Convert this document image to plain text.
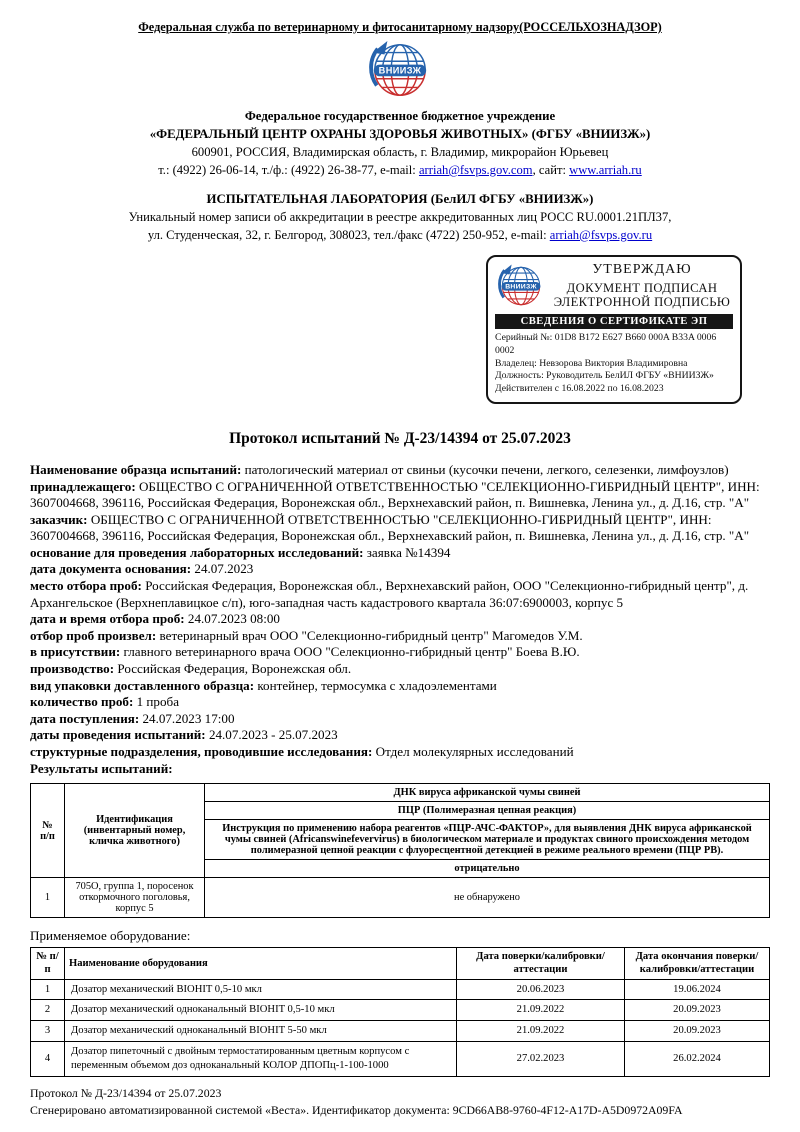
Федеральная служба по ветеринарному и фитосанитарному надзору(РОССЕЛЬХОЗНАДЗОР)
Федеральное государственное бюджетное учреждение
«ФЕДЕРАЛЬНЫЙ ЦЕНТР ОХРАНЫ ЗДОРОВЬЯ ЖИВОТНЫХ» (ФГБУ «ВНИИЗЖ»)
600901, РОССИЯ, Владимирская область, г. Владимир, микрорайон Юрьевец
т.: (4922) 26-06-14, т./ф.: (4922) 26-38-77, e-mail: arriah@fsvps.gov.com, сайт: www.arriah.ru
ИСПЫТАТЕЛЬНАЯ ЛАБОРАТОРИЯ (БелИЛ ФГБУ «ВНИИЗЖ»)
Уникальный номер записи об аккредитации в реестре аккредитованных лиц РОСС RU.0001.21ПЛ37,
ул. Студенческая, 32, г. Белгород, 308023, тел./факс (4722) 250-952, e-mail: arriah@fsvps.gov.ru
УТВЕРЖДАЮ
ДОКУМЕНТ ПОДПИСАН
ЭЛЕКТРОННОЙ ПОДПИСЬЮ
СВЕДЕНИЯ О СЕРТИФИКАТЕ ЭП
Серийный №: 01D8 B172 E627 B660 000A B33A 0006 0002
Владелец: Невзорова Виктория Владимировна
Должность: Руководитель БелИЛ ФГБУ «ВНИИЗЖ»
Действителен с 16.08.2022 по 16.08.2023
Протокол испытаний № Д-23/14394 от 25.07.2023

Наименование образца испытаний: патологический материал от свиньи (кусочки печени, легкого, селезенки, лимфоузлов)

принадлежащего: ОБЩЕСТВО С ОГРАНИЧЕННОЙ ОТВЕТСТВЕННОСТЬЮ "СЕЛЕКЦИОННО-ГИБРИДНЫЙ ЦЕНТР", ИНН: 3607004668, 396116, Российская Федерация, Воронежская обл., Верхнехавский район, п. Вишневка, Ленина ул., д. Д.16, стр. "А"

заказчик: ОБЩЕСТВО С ОГРАНИЧЕННОЙ ОТВЕТСТВЕННОСТЬЮ "СЕЛЕКЦИОННО-ГИБРИДНЫЙ ЦЕНТР", ИНН: 3607004668, 396116, Российская Федерация, Воронежская обл., Верхнехавский район, п. Вишневка, Ленина ул., д. Д.16, стр. "А"

основание для проведения лабораторных исследований: заявка №14394

дата документа основания: 24.07.2023

место отбора проб: Российская Федерация, Воронежская обл., Верхнехавский район, ООО "Селекционно-гибридный центр", д. Архангельское (Верхнеплавицкое с/п), юго-западная часть кадастрового квартала 36:07:6900003, корпус 5

дата и время отбора проб: 24.07.2023 08:00

отбор проб произвел: ветеринарный врач ООО "Селекционно-гибридный центр" Магомедов У.М.

в присутствии: главного ветеринарного врача ООО "Селекционно-гибридный центр" Боева В.Ю.

производство: Российская Федерация, Воронежская обл.

вид упаковки доставленного образца: контейнер, термосумка с хладоэлементами

количество проб: 1 проба

дата поступления: 24.07.2023 17:00

даты проведения испытаний: 24.07.2023 - 25.07.2023

структурные подразделения, проводившие исследования: Отдел молекулярных исследований

Результаты испытаний:

№ п/п	Идентификация (инвентарный номер, кличка животного)	ДНК вируса африканской чумы свиней
		ПЦР (Полимеразная цепная реакция)
		Инструкция по применению набора реагентов «ПЦР-АЧС-ФАКТОР», для выявления ДНК вируса африканской чумы свиней (Africanswinefevervirus) в биологическом материале и продуктах свиного происхождения методом полимеразной цепной реакции с флуоресцентной детекцией в режиме реального времени (ПЦР РВ).
		отрицательно
1	705О, группа 1, поросенок откормочного поголовья, корпус 5	не обнаружено

Применяемое оборудование:

№ п/п	Наименование оборудования	Дата поверки/калибровки/аттестации	Дата окончания поверки/калибровки/аттестации
1	Дозатор механический BIOHIT 0,5-10 мкл	20.06.2023	19.06.2024
2	Дозатор механический одноканальный BIOHIT 0,5-10 мкл	21.09.2022	20.09.2023
3	Дозатор механический одноканальный BIOHIT 5-50 мкл	21.09.2022	20.09.2023
4	Дозатор пипеточный с двойным термостатированным цветным корпусом с переменным объемом доз одноканальный КОЛОР ДПОПц-1-100-1000	27.02.2023	26.02.2024

Протокол № Д-23/14394 от 25.07.2023

Сгенерировано автоматизированной системой «Веста». Идентификатор документа: 9CD66AB8-9760-4F12-A17D-A5D0972A09FA
